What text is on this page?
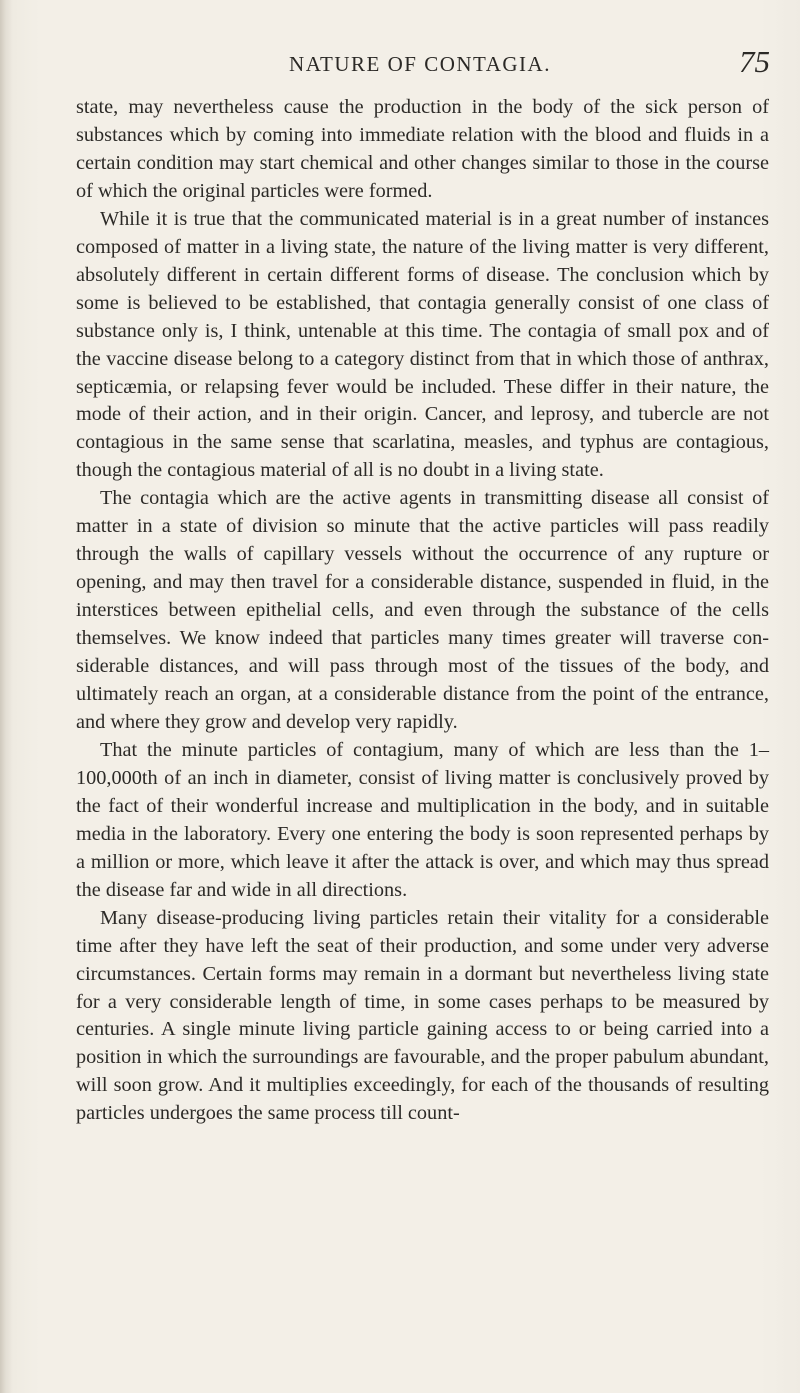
NATURE OF CONTAGIA.	75

state, may nevertheless cause the production in the body of the sick person of substances which by coming into immediate relation with the blood and fluids in a certain condition may start chemical and other changes similar to those in the course of which the original particles were formed.

While it is true that the communicated material is in a great number of instances composed of matter in a living state, the nature of the living matter is very different, absolutely different in certain different forms of disease. The conclusion which by some is believed to be established, that contagia generally consist of one class of substance only is, I think, untenable at this time. The contagia of small pox and of the vaccine disease belong to a category distinct from that in which those of anthrax, septicæmia, or relapsing fever would be included. These differ in their nature, the mode of their action, and in their origin. Cancer, and leprosy, and tubercle are not contagious in the same sense that scarlatina, measles, and typhus are contagious, though the contagious material of all is no doubt in a living state.

The contagia which are the active agents in transmitting disease all consist of matter in a state of division so minute that the active particles will pass readily through the walls of capillary vessels without the occurrence of any rupture or opening, and may then travel for a considerable distance, suspended in fluid, in the interstices between epithelial cells, and even through the substance of the cells themselves. We know indeed that particles many times greater will traverse considerable distances, and will pass through most of the tissues of the body, and ultimately reach an organ, at a considerable distance from the point of the entrance, and where they grow and develop very rapidly.

That the minute particles of contagium, many of which are less than the 1–100,000th of an inch in diameter, consist of living matter is conclusively proved by the fact of their wonderful increase and multiplication in the body, and in suitable media in the laboratory. Every one entering the body is soon represented perhaps by a million or more, which leave it after the attack is over, and which may thus spread the disease far and wide in all directions.

Many disease-producing living particles retain their vitality for a considerable time after they have left the seat of their production, and some under very adverse circumstances. Certain forms may remain in a dormant but nevertheless living state for a very considerable length of time, in some cases perhaps to be measured by centuries. A single minute living particle gaining access to or being carried into a position in which the surroundings are favourable, and the proper pabulum abundant, will soon grow. And it multiplies exceedingly, for each of the thousands of resulting particles undergoes the same process till count-
